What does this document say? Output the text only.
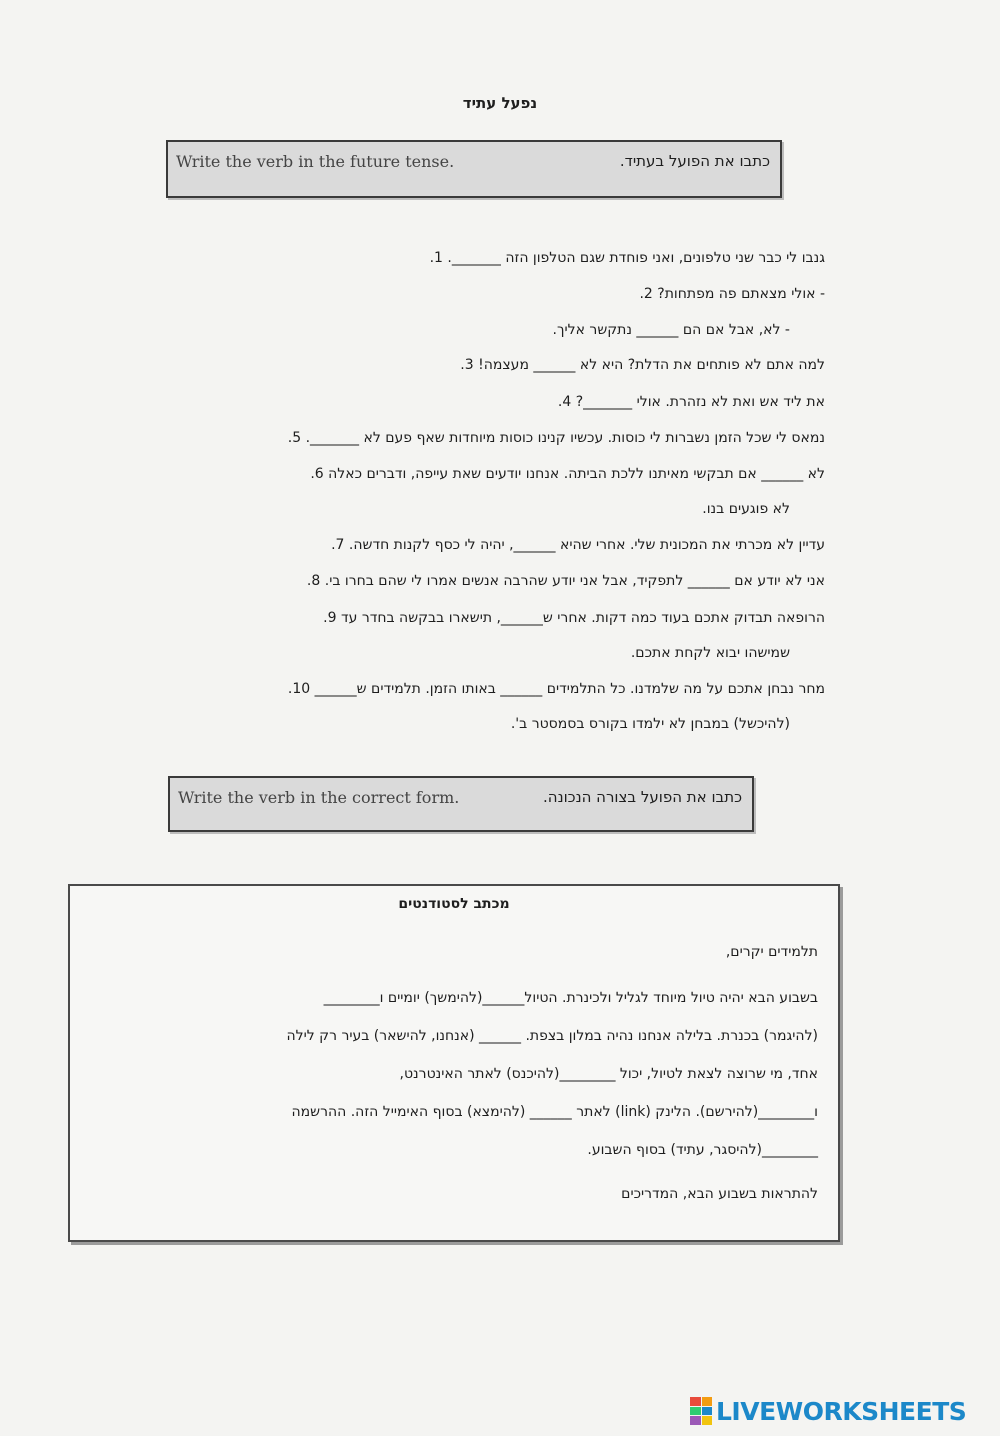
נפעל עתיד
Write the verb in the future tense.	כתבו את הפועל בעתיד.
גנבו לי כבר שני טלפונים, ואני פוחדת שגם הטלפון הזה _______. 1.
- אולי מצאתם פה מפתחות? 2.
- לא, אבל אם הם ______ נתקשר אליך.
למה אתם לא פותחים את הדלת? היא לא ______ מעצמה! 3.
את ליד אש ואת לא נזהרת. אולי _______? 4.
נמאס לי שכל הזמן נשברות לי כוסות. עכשיו קנינו כוסות מיוחדות שאף פעם לא _______. 5.
לא ______ אם תבקשי מאיתנו ללכת הביתה. אנחנו יודעים שאת עייפה, ודברים כאלה 6.
לא פוגעים בנו.
עדיין לא מכרתי את המכונית שלי. אחרי שהיא ______, יהיה לי כסף לקנות חדשה. 7.
אני לא יודע אם ______ לתפקיד, אבל אני יודע שהרבה אנשים אמרו לי שהם בחרו בי. 8.
הרופאה תבדוק אתכם בעוד כמה דקות. אחרי ש______, תישארו בבקשה בחדר עד 9.
שמישהו יבוא לקחת אתכם.
מחר נבחן אתכם על מה שלמדנו. כל התלמידים ______ באותו הזמן. תלמידים ש______ 10.
(להיכשל) במבחן לא ילמדו בקורס בסמסטר ב'.
Write the verb in the correct form.	כתבו את הפועל בצורה הנכונה.
מכתב לסטודנטים
תלמידים יקרים,
בשבוע הבא יהיה טיול מיוחד לגליל ולכינרת. הטיול______(להימשך) יומיים ו________
(להיגמר) בכנרת. בלילה אנחנו נהיה במלון בצפת. ______ (אנחנו, להישאר) בעיר רק לילה
אחד, מי שרוצה לצאת לטיול, יכול ________(להיכנס) לאתר האינטרנט,
ו________(להירשם). הלינק (link) לאתר ______ (להימצא) בסוף האימייל הזה. ההרשמה
________(להיסגר, עתיד) בסוף השבוע.
להתראות בשבוע הבא, המדריכים
LIVEWORKSHEETS
